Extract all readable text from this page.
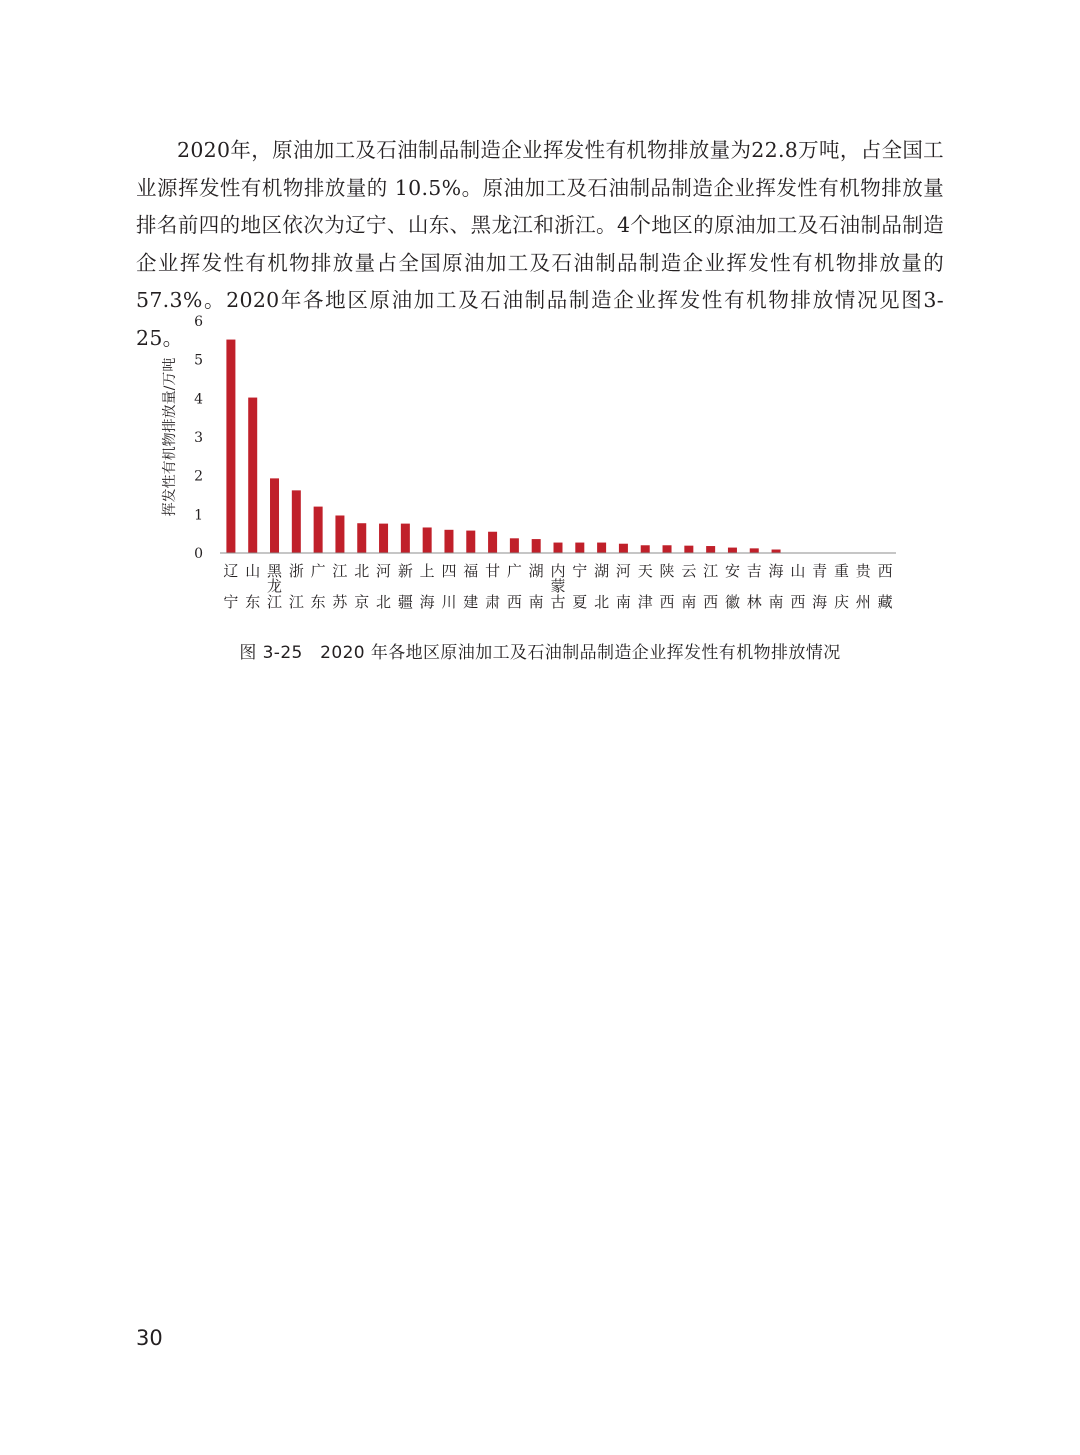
2020年，原油加工及石油制品制造企业挥发性有机物排放量为22.8万吨，占全国工业源挥发性有机物排放量的 10.5%。原油加工及石油制品制造企业挥发性有机物排放量排名前四的地区依次为辽宁、山东、黑龙江和浙江。4个地区的原油加工及石油制品制造企业挥发性有机物排放量占全国原油加工及石油制品制造企业挥发性有机物排放量的57.3%。2020年各地区原油加工及石油制品制造企业挥发性有机物排放情况见图3-25。

挥发性有机物排放量/万吨
0
1
2
3
4
5
6
辽宁
山东
黑龙江
浙江
广东
江苏
北京
河北
新疆
上海
四川
福建
甘肃
广西
湖南
内蒙古
宁夏
湖北
河南
天津
陕西
云南
江西
安徽
吉林
海南
山西
青海
重庆
贵州
西藏
图 3-25　2020 年各地区原油加工及石油制品制造企业挥发性有机物排放情况
30
